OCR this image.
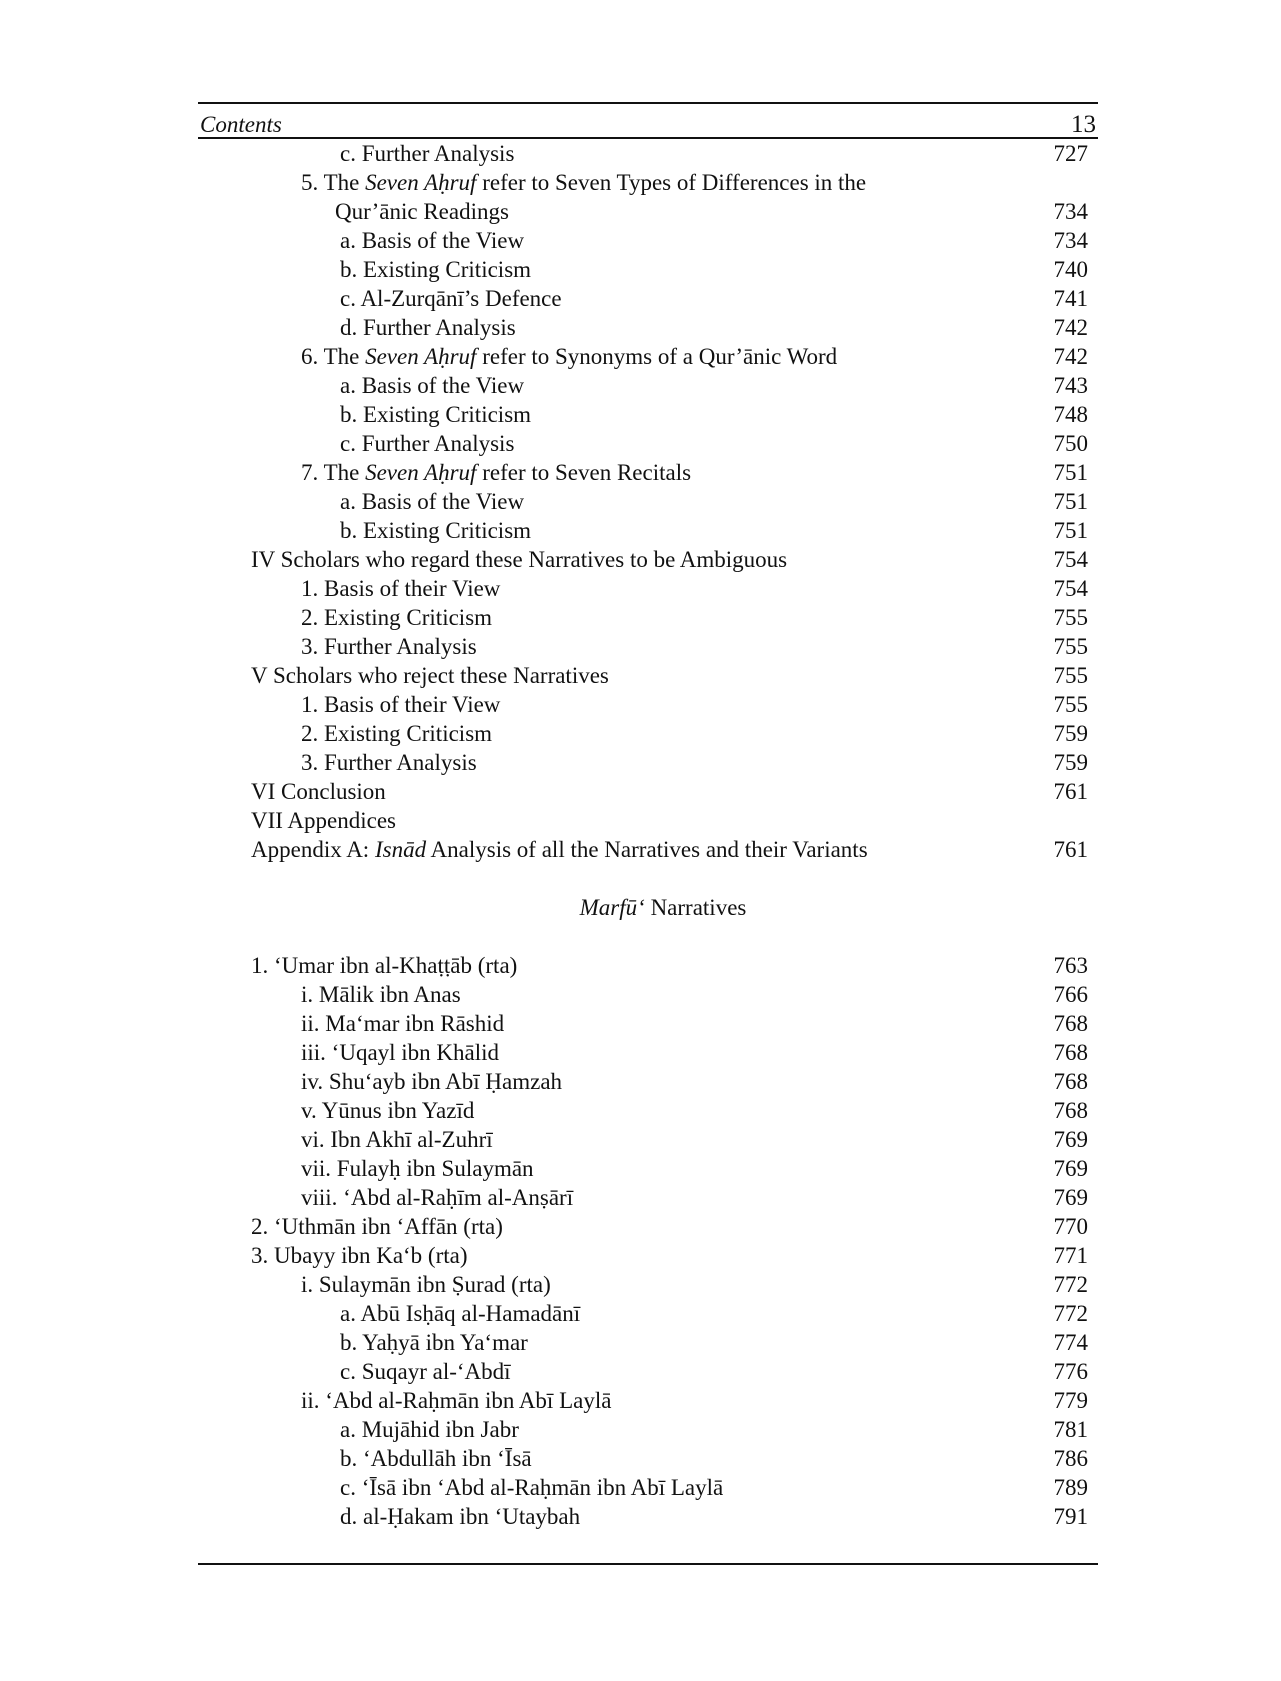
Contents	13
c. Further Analysis	727
5. The Seven Aḥruf refer to Seven Types of Differences in the
Qur’ānic Readings	734
a. Basis of the View	734
b. Existing Criticism	740
c. Al-Zurqānī’s Defence	741
d. Further Analysis	742
6. The Seven Aḥruf refer to Synonyms of a Qur’ānic Word	742
a. Basis of the View	743
b. Existing Criticism	748
c. Further Analysis	750
7. The Seven Aḥruf refer to Seven Recitals	751
a. Basis of the View	751
b. Existing Criticism	751
IV Scholars who regard these Narratives to be Ambiguous	754
1. Basis of their View	754
2. Existing Criticism	755
3. Further Analysis	755
V Scholars who reject these Narratives	755
1. Basis of their View	755
2. Existing Criticism	759
3. Further Analysis	759
VI Conclusion	761
VII Appendices
Appendix A: Isnād Analysis of all the Narratives and their Variants	761
Marfū‘ Narratives
1. ‘Umar ibn al-Khaṭṭāb (rta)	763
i. Mālik ibn Anas	766
ii. Ma‘mar ibn Rāshid	768
iii. ‘Uqayl ibn Khālid	768
iv. Shu‘ayb ibn Abī Ḥamzah	768
v. Yūnus ibn Yazīd	768
vi. Ibn Akhī al-Zuhrī	769
vii. Fulayḥ ibn Sulaymān	769
viii. ‘Abd al-Raḥīm al-Anṣārī	769
2. ‘Uthmān ibn ‘Affān (rta)	770
3. Ubayy ibn Ka‘b (rta)	771
i. Sulaymān ibn Ṣurad (rta)	772
a. Abū Isḥāq al-Hamadānī	772
b. Yaḥyā ibn Ya‘mar	774
c. Suqayr al-‘Abdī	776
ii. ‘Abd al-Raḥmān ibn Abī Laylā	779
a. Mujāhid ibn Jabr	781
b. ‘Abdullāh ibn ‘Īsā	786
c. ‘Īsā ibn ‘Abd al-Raḥmān ibn Abī Laylā	789
d. al-Ḥakam ibn ‘Utaybah	791
